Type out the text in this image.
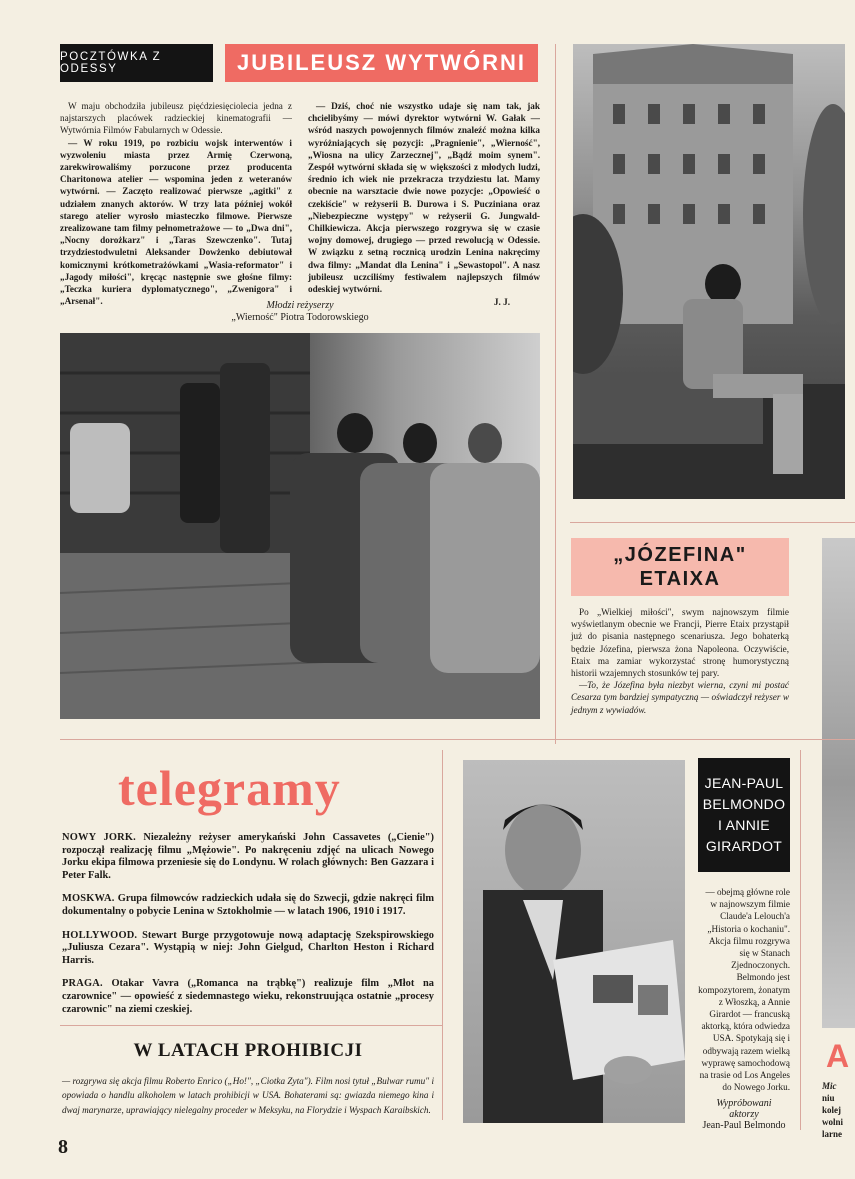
POCZTÓWKA Z ODESSY	JUBILEUSZ WYTWÓRNI

W maju obchodziła jubileusz pięćdziesięciolecia jedna z najstarszych placówek radzieckiej kinematografii — Wytwórnia Filmów Fabularnych w Odessie.

— W roku 1919, po rozbiciu wojsk interwentów i wyzwoleniu miasta przez Armię Czerwoną, zarekwirowaliśmy porzucone przez producenta Charitonowa atelier — wspomina jeden z weteranów wytwórni. — Zaczęto realizować pierwsze „agitki" z udziałem znanych aktorów. W trzy lata później wokół starego atelier wyrosło miasteczko filmowe. Pierwsze zrealizowane tam filmy pełnometrażowe — to „Dwa dni", „Nocny dorożkarz" i „Taras Szewczenko". Tutaj trzydziestodwuletni Aleksander Dowżenko debiutował komicznymi krótkometrażówkami „Wasia-reformator" i „Jagody miłości", kręcąc następnie swe głośne filmy: „Teczka kuriera dyplomatycznego", „Zwenigora" i „Arsenał".

— Dziś, choć nie wszystko udaje się nam tak, jak chcielibyśmy — mówi dyrektor wytwórni W. Gałak — wśród naszych powojennych filmów znaleźć można kilka wyróżniających się pozycji: „Pragnienie", „Wierność", „Wiosna na ulicy Zarzecznej", „Bądź moim synem". Zespół wytwórni składa się w większości z młodych ludzi, średnio ich wiek nie przekracza trzydziestu lat. Mamy obecnie na warsztacie dwie nowe pozycje: „Opowieść o czekiście" w reżyserii B. Durowa i S. Puczinianа oraz „Niebezpieczne występy" w reżyserii G. Jungwald-Chilkiewicza. Akcja pierwszego rozgrywa się w czasie wojny domowej, drugiego — przed rewolucją w Odessie. W związku z setną rocznicą urodzin Lenina nakręcimy dwa filmy: „Mandat dla Lenina" i „Sewastopol". A nasz jubileusz uczciliśmy festiwalem najlepszych filmów odeskiej wytwórni.

J. J.
Młodzi reżyserzy
„Wierność" Piotra Todorowskiego
„JÓZEFINA"
ETAIXA

Po „Wielkiej miłości", swym najnowszym filmie wyświetlanym obecnie we Francji, Pierre Etaix przystąpił już do pisania następnego scenariusza. Jego bohaterką będzie Józefina, pierwsza żona Napoleona. Oczywiście, Etaix ma zamiar wykorzystać stronę humorystyczną historii wzajemnych stosunków tej pary.

—To, że Józefina była niezbyt wierna, czyni mi postać Cesarza tym bardziej sympatyczną — oświadczył reżyser w jednym z wywiadów.

telegramy

NOWY JORK. Niezależny reżyser amerykański John Cassavetes („Cienie") rozpoczął realizację filmu „Mężowie". Po nakręceniu zdjęć na ulicach Nowego Jorku ekipa filmowa przeniesie się do Londynu. W rolach głównych: Ben Gazzara i Peter Falk.

MOSKWA. Grupa filmowców radzieckich udała się do Szwecji, gdzie nakręci film dokumentalny o pobycie Lenina w Sztokholmie — w latach 1906, 1910 i 1917.

HOLLYWOOD. Stewart Burge przygotowuje nową adaptację Szekspirowskiego „Juliusza Cezara". Wystąpią w niej: John Gielgud, Charlton Heston i Richard Harris.

PRAGA. Otakar Vavra („Romanca na trąbkę") realizuje film „Młot na czarownice" — opowieść z siedemnastego wieku, rekonstruująca ostatnie „procesy czarownic" na ziemi czeskiej.

W LATACH PROHIBICJI
— rozgrywa się akcja filmu Roberto Enrico („Ho!", „Ciotka Zyta"). Film nosi tytuł „Bulwar rumu" i opowiada o handlu alkoholem w latach prohibicji w USA. Bohaterami są: gwiazda niemego kina i dwaj marynarze, uprawiający nielegalny proceder w Meksyku, na Florydzie i Wyspach Karaibskich.
JEAN-PAUL
BELMONDO
I ANNIE
GIRARDOT
— obejmą główne role w najnowszym filmie Claude'a Lelouch'a „Historia o kochaniu". Akcja filmu rozgrywa się w Stanach Zjednoczonych. Belmondo jest kompozytorem, żonatym z Włoszką, a Annie Girardot — francuską aktorką, która odwiedza USA. Spotykają się i odbywają razem wielką wyprawę samochodową na trasie od Los Angeles do Nowego Jorku.
Wypróbowani
aktorzy
Jean-Paul Belmondo
A
Mic
niu
kolej
wolni
larne
8
